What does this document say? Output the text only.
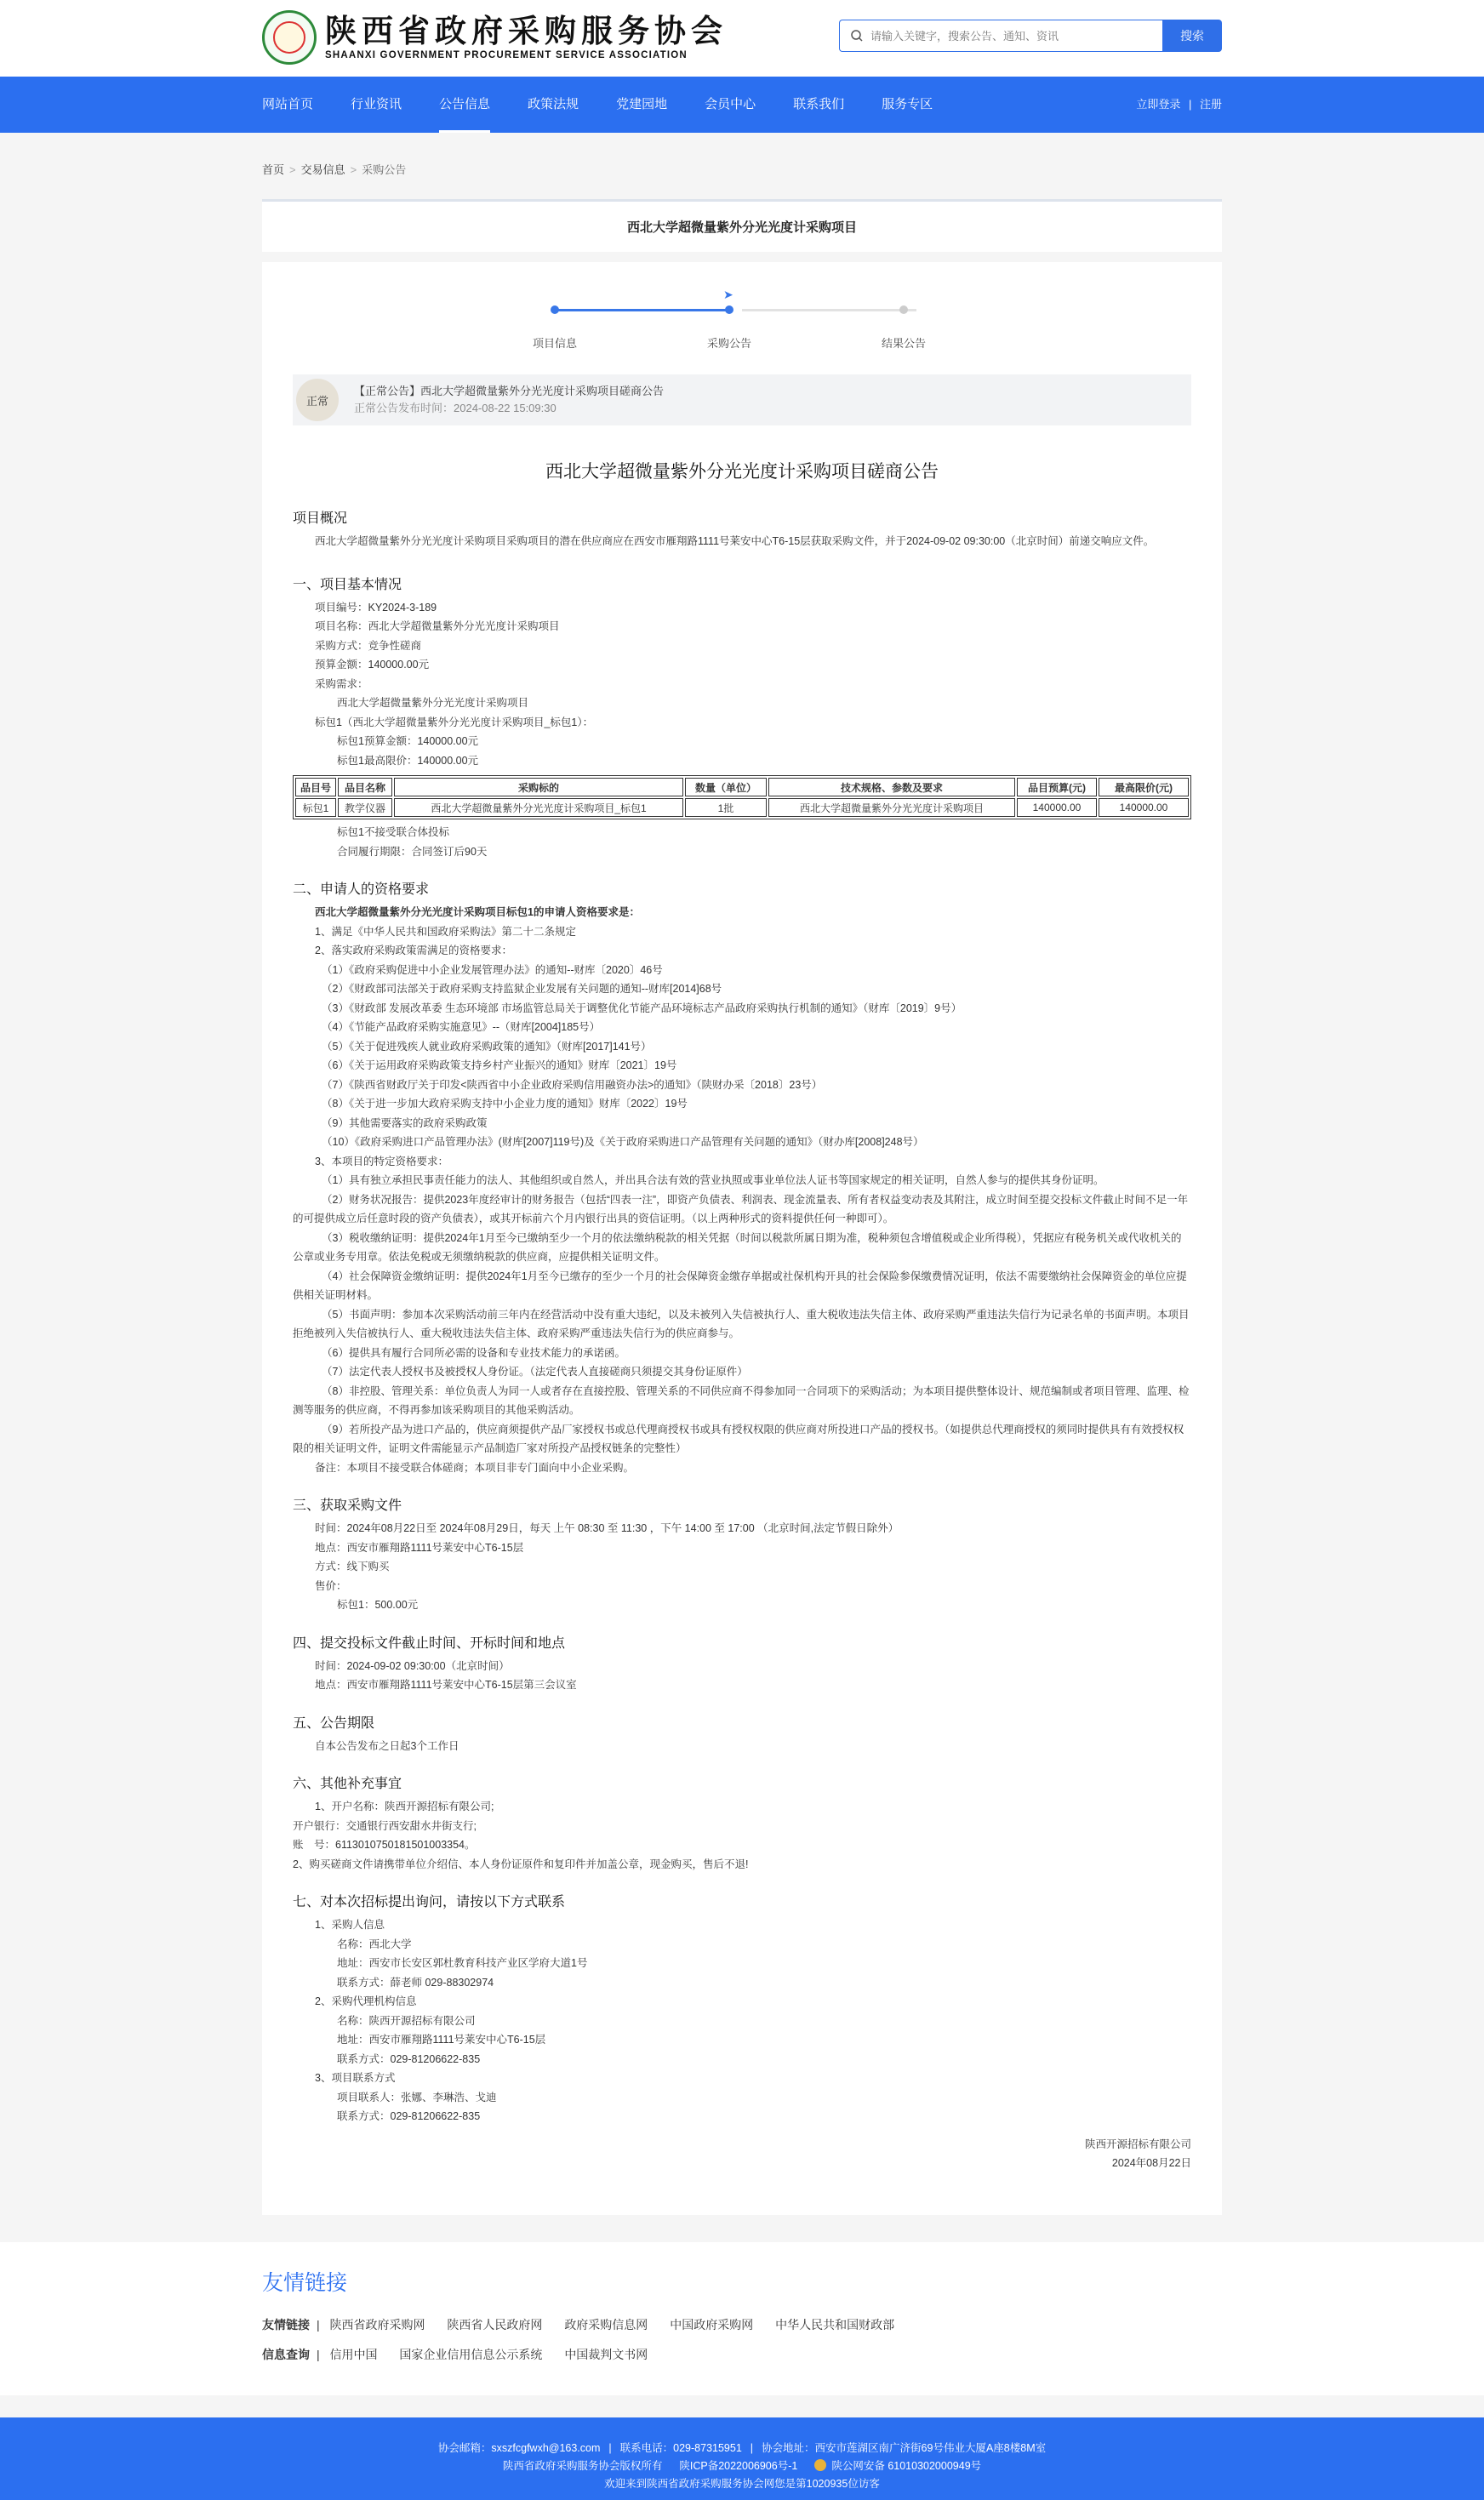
陕西省政府采购服务协会
SHAANXI GOVERNMENT PROCUREMENT SERVICE ASSOCIATION
请输入关键字，搜索公告、通知、资讯
搜索
网站首页	行业资讯	公告信息	政策法规	党建园地	会员中心	联系我们	服务专区	立即登录 | 注册
首页 > 交易信息 > 采购公告
西北大学超微量紫外分光光度计采购项目
➤
项目信息	采购公告	结果公告
正常
【正常公告】西北大学超微量紫外分光光度计采购项目磋商公告
正常公告发布时间：2024-08-22 15:09:30
西北大学超微量紫外分光光度计采购项目磋商公告
项目概况
西北大学超微量紫外分光光度计采购项目采购项目的潜在供应商应在西安市雁翔路1111号莱安中心T6-15层获取采购文件，并于2024-09-02 09:30:00（北京时间）前递交响应文件。
一、项目基本情况
项目编号：KY2024-3-189
项目名称：西北大学超微量紫外分光光度计采购项目
采购方式：竞争性磋商
预算金额：140000.00元
采购需求：
西北大学超微量紫外分光光度计采购项目
标包1（西北大学超微量紫外分光光度计采购项目_标包1）：
标包1预算金额：140000.00元
标包1最高限价：140000.00元
品目号	品目名称	采购标的	数量（单位）	技术规格、参数及要求	品目预算(元)	最高限价(元)
标包1	教学仪器	西北大学超微量紫外分光光度计采购项目_标包1	1批	西北大学超微量紫外分光光度计采购项目	140000.00	140000.00
标包1不接受联合体投标
合同履行期限：合同签订后90天
二、申请人的资格要求
西北大学超微量紫外分光光度计采购项目标包1的申请人资格要求是：
1、满足《中华人民共和国政府采购法》第二十二条规定
2、落实政府采购政策需满足的资格要求：
（1）《政府采购促进中小企业发展管理办法》的通知--财库〔2020〕46号
（2）《财政部司法部关于政府采购支持监狱企业发展有关问题的通知--财库[2014]68号
（3）《财政部 发展改革委 生态环境部 市场监管总局关于调整优化节能产品环境标志产品政府采购执行机制的通知》（财库〔2019〕9号）
（4）《节能产品政府采购实施意见》--（财库[2004]185号）
（5）《关于促进残疾人就业政府采购政策的通知》（财库[2017]141号）
（6）《关于运用政府采购政策支持乡村产业振兴的通知》财库〔2021〕19号
（7）《陕西省财政厅关于印发<陕西省中小企业政府采购信用融资办法>的通知》（陕财办采〔2018〕23号）
（8）《关于进一步加大政府采购支持中小企业力度的通知》财库〔2022〕19号
（9）其他需要落实的政府采购政策
（10）《政府采购进口产品管理办法》(财库[2007]119号)及《关于政府采购进口产品管理有关问题的通知》（财办库[2008]248号）
3、本项目的特定资格要求：
（1）具有独立承担民事责任能力的法人、其他组织或自然人，并出具合法有效的营业执照或事业单位法人证书等国家规定的相关证明，自然人参与的提供其身份证明。
（2）财务状况报告：提供2023年度经审计的财务报告（包括“四表一注”，即资产负债表、利润表、现金流量表、所有者权益变动表及其附注，成立时间至提交投标文件截止时间不足一年的可提供成立后任意时段的资产负债表），或其开标前六个月内银行出具的资信证明。（以上两种形式的资料提供任何一种即可）。
（3）税收缴纳证明：提供2024年1月至今已缴纳至少一个月的依法缴纳税款的相关凭据（时间以税款所属日期为准，税种须包含增值税或企业所得税），凭据应有税务机关或代收机关的公章或业务专用章。依法免税或无须缴纳税款的供应商，应提供相关证明文件。
（4）社会保障资金缴纳证明：提供2024年1月至今已缴存的至少一个月的社会保障资金缴存单据或社保机构开具的社会保险参保缴费情况证明，依法不需要缴纳社会保障资金的单位应提供相关证明材料。
（5）书面声明：参加本次采购活动前三年内在经营活动中没有重大违纪，以及未被列入失信被执行人、重大税收违法失信主体、政府采购严重违法失信行为记录名单的书面声明。本项目拒绝被列入失信被执行人、重大税收违法失信主体、政府采购严重违法失信行为的供应商参与。
（6）提供具有履行合同所必需的设备和专业技术能力的承诺函。
（7）法定代表人授权书及被授权人身份证。（法定代表人直接磋商只须提交其身份证原件）
（8）非控股、管理关系：单位负责人为同一人或者存在直接控股、管理关系的不同供应商不得参加同一合同项下的采购活动；为本项目提供整体设计、规范编制或者项目管理、监理、检测等服务的供应商，不得再参加该采购项目的其他采购活动。
（9）若所投产品为进口产品的，供应商须提供产品厂家授权书或总代理商授权书或具有授权权限的供应商对所投进口产品的授权书。（如提供总代理商授权的须同时提供具有有效授权权限的相关证明文件，证明文件需能显示产品制造厂家对所投产品授权链条的完整性）
备注：本项目不接受联合体磋商；本项目非专门面向中小企业采购。
三、获取采购文件
时间：2024年08月22日至 2024年08月29日，每天 上午 08:30 至 11:30 ，下午 14:00 至 17:00 （北京时间,法定节假日除外）
地点：西安市雁翔路1111号莱安中心T6-15层
方式：线下购买
售价：
标包1：500.00元
四、提交投标文件截止时间、开标时间和地点
时间：2024-09-02 09:30:00（北京时间）
地点：西安市雁翔路1111号莱安中心T6-15层第三会议室
五、公告期限
自本公告发布之日起3个工作日
六、其他补充事宜
1、开户名称：陕西开源招标有限公司;
开户银行：交通银行西安甜水井街支行;
账　号：611301075018150100335​4。
2、购买磋商文件请携带单位介绍信、本人身份证原件和复印件并加盖公章，现金购买，售后不退!
七、对本次招标提出询问，请按以下方式联系
1、采购人信息
名称：西北大学
地址：西安市长安区郭杜教育科技产业区学府大道1号
联系方式：薛老师 029-88302974
2、采购代理机构信息
名称：陕西开源招标有限公司
地址：西安市雁翔路1111号莱安中心T6-15层
联系方式：029-81206622-835
3、项目联系方式
项目联系人：张娜、李琳浩、戈迪
联系方式：029-81206622-835
陕西开源招标有限公司
2024年08月22日
友情链接
友情链接 | 陕西省政府采购网 陕西省人民政府网 政府采购信息网 中国政府采购网 中华人民共和国财政部
信息查询 | 信用中国 国家企业信用信息公示系统 中国裁判文书网
协会邮箱：sxszfcgfwxh@163.com | 联系电话：029-87315951 | 协会地址：西安市莲湖区南广济街69号伟业大厦A座8楼8M室
陕西省政府采购服务协会版权所有 陕ICP备2022006906号-1	陕公网安备 61010302000949号
欢迎来到陕西省政府采购服务协会网您是第1020935位访客
